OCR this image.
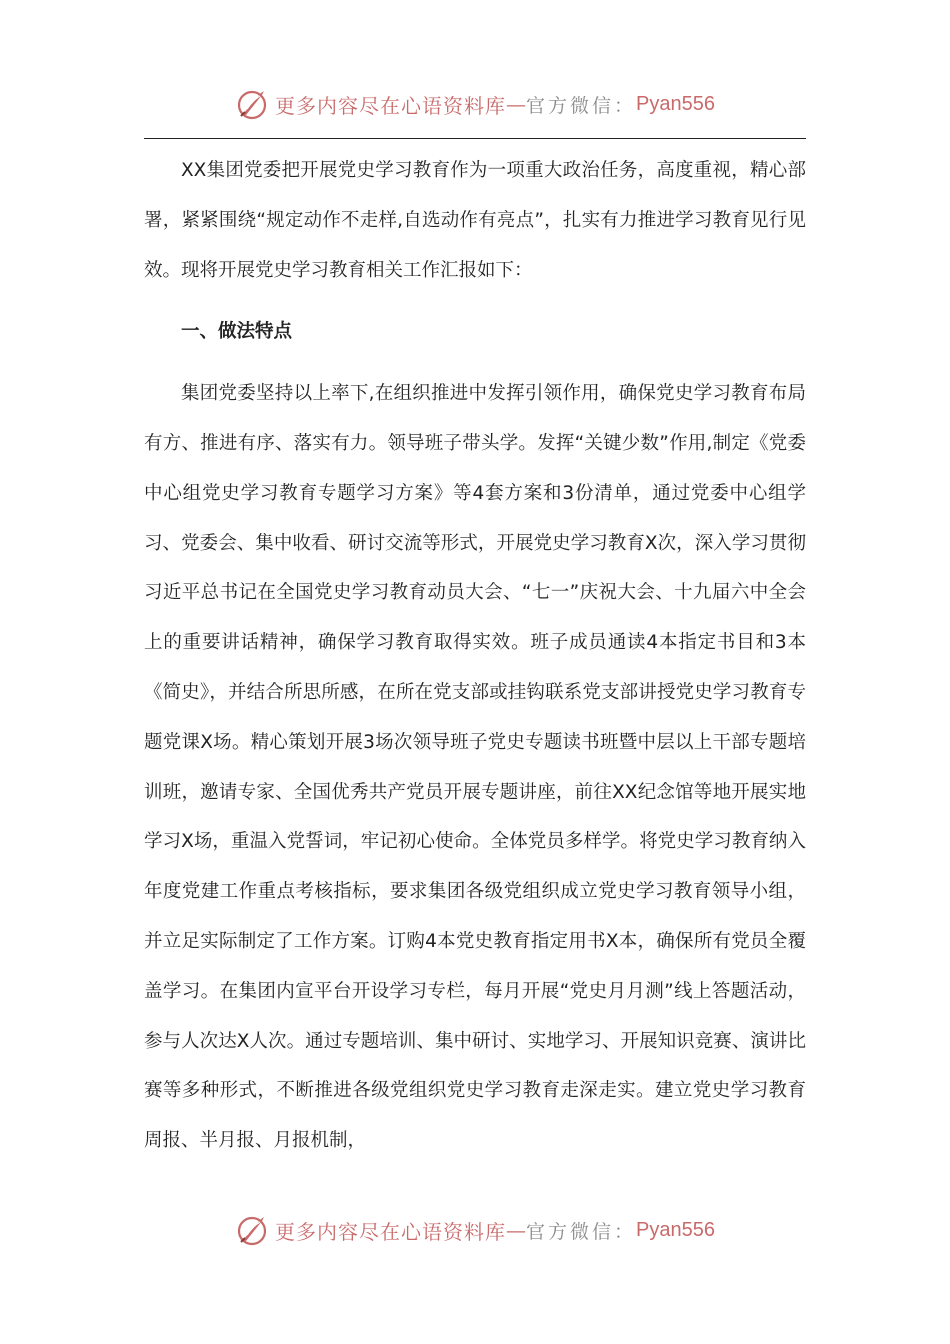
更多内容尽在心语资料库 — 官方微信： Pyan556

XX集团党委把开展党史学习教育作为一项重大政治任务，高度重视，精心部署，紧紧围绕“规定动作不走样,自选动作有亮点”，扎实有力推进学习教育见行见效。现将开展党史学习教育相关工作汇报如下：

一、做法特点

集团党委坚持以上率下,在组织推进中发挥引领作用，确保党史学习教育布局有方、推进有序、落实有力。领导班子带头学。发挥“关键少数”作用,制定《党委中心组党史学习教育专题学习方案》等4套方案和3份清单，通过党委中心组学习、党委会、集中收看、研讨交流等形式，开展党史学习教育X次，深入学习贯彻习近平总书记在全国党史学习教育动员大会、“七一”庆祝大会、十九届六中全会上的重要讲话精神，确保学习教育取得实效。班子成员通读4本指定书目和3本《简史》，并结合所思所感，在所在党支部或挂钩联系党支部讲授党史学习教育专题党课X场。精心策划开展3场次领导班子党史专题读书班暨中层以上干部专题培训班，邀请专家、全国优秀共产党员开展专题讲座，前往XX纪念馆等地开展实地学习X场，重温入党誓词，牢记初心使命。全体党员多样学。将党史学习教育纳入年度党建工作重点考核指标，要求集团各级党组织成立党史学习教育领导小组，并立足实际制定了工作方案。订购4本党史教育指定用书X本，确保所有党员全覆盖学习。在集团内宣平台开设学习专栏，每月开展“党史月月测”线上答题活动，参与人次达X人次。通过专题培训、集中研讨、实地学习、开展知识竞赛、演讲比赛等多种形式，不断推进各级党组织党史学习教育走深走实。建立党史学习教育周报、半月报、月报机制，

更多内容尽在心语资料库 — 官方微信： Pyan556
